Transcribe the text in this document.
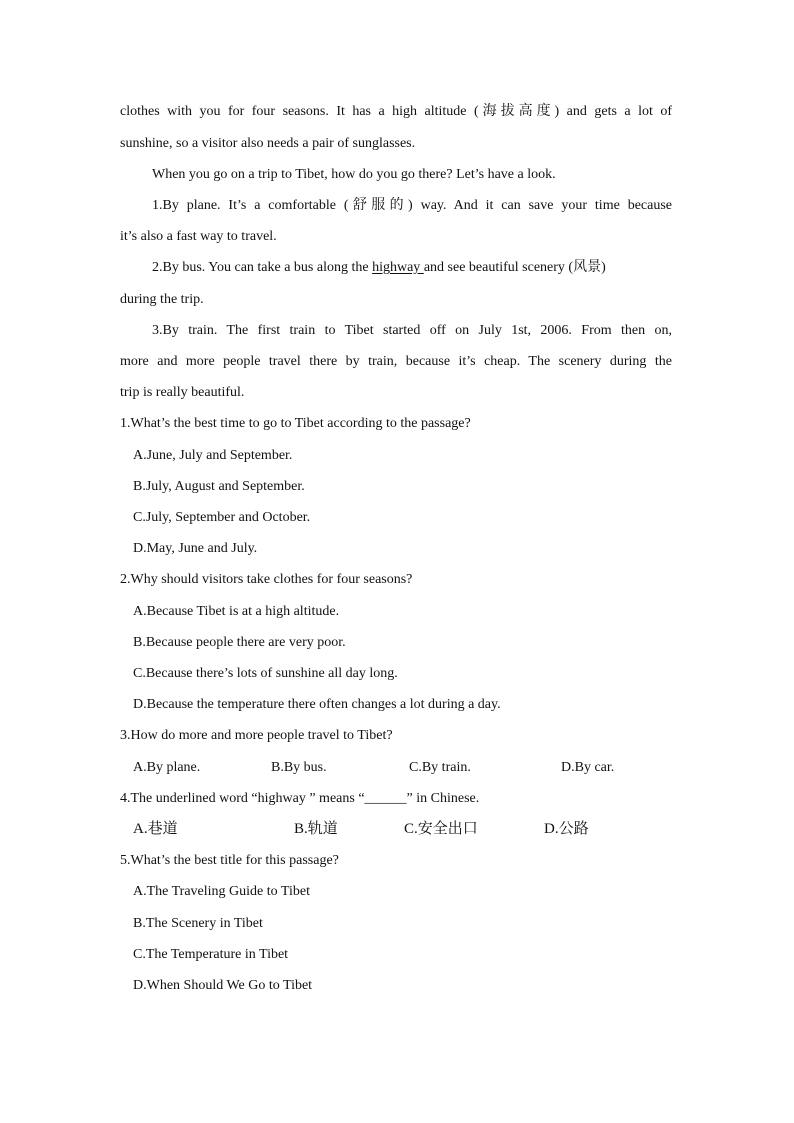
clothes with you for four seasons. It has a high altitude (海拔高度) and gets a lot of
sunshine, so a visitor also needs a pair of sunglasses.
When you go on a trip to Tibet, how do you go there? Let’s have a look.
1.By plane. It’s a comfortable (舒服的) way. And it can save your time because
it’s also a fast way to travel.
2.By bus. You can take a bus along the highway and see beautiful scenery (风景)
during the trip.
3.By train. The first train to Tibet started off on July 1st, 2006. From then on,
more and more people travel there by train, because it’s cheap. The scenery during the
trip is really beautiful.
1.What’s the best time to go to Tibet according to the passage?
A.June, July and September.
B.July, August and September.
C.July, September and October.
D.May, June and July.
2.Why should visitors take clothes for four seasons?
A.Because Tibet is at a high altitude.
B.Because people there are very poor.
C.Because there’s lots of sunshine all day long.
D.Because the temperature there often changes a lot during a day.
3.How do more and more people travel to Tibet?
A.By plane.	B.By bus.	C.By train.	D.By car.
4.The underlined word “highway ” means “______” in Chinese.
A.巷道	B.轨道	C.安全出口	D.公路
5.What’s the best title for this passage?
A.The Traveling Guide to Tibet
B.The Scenery in Tibet
C.The Temperature in Tibet
D.When Should We Go to Tibet
